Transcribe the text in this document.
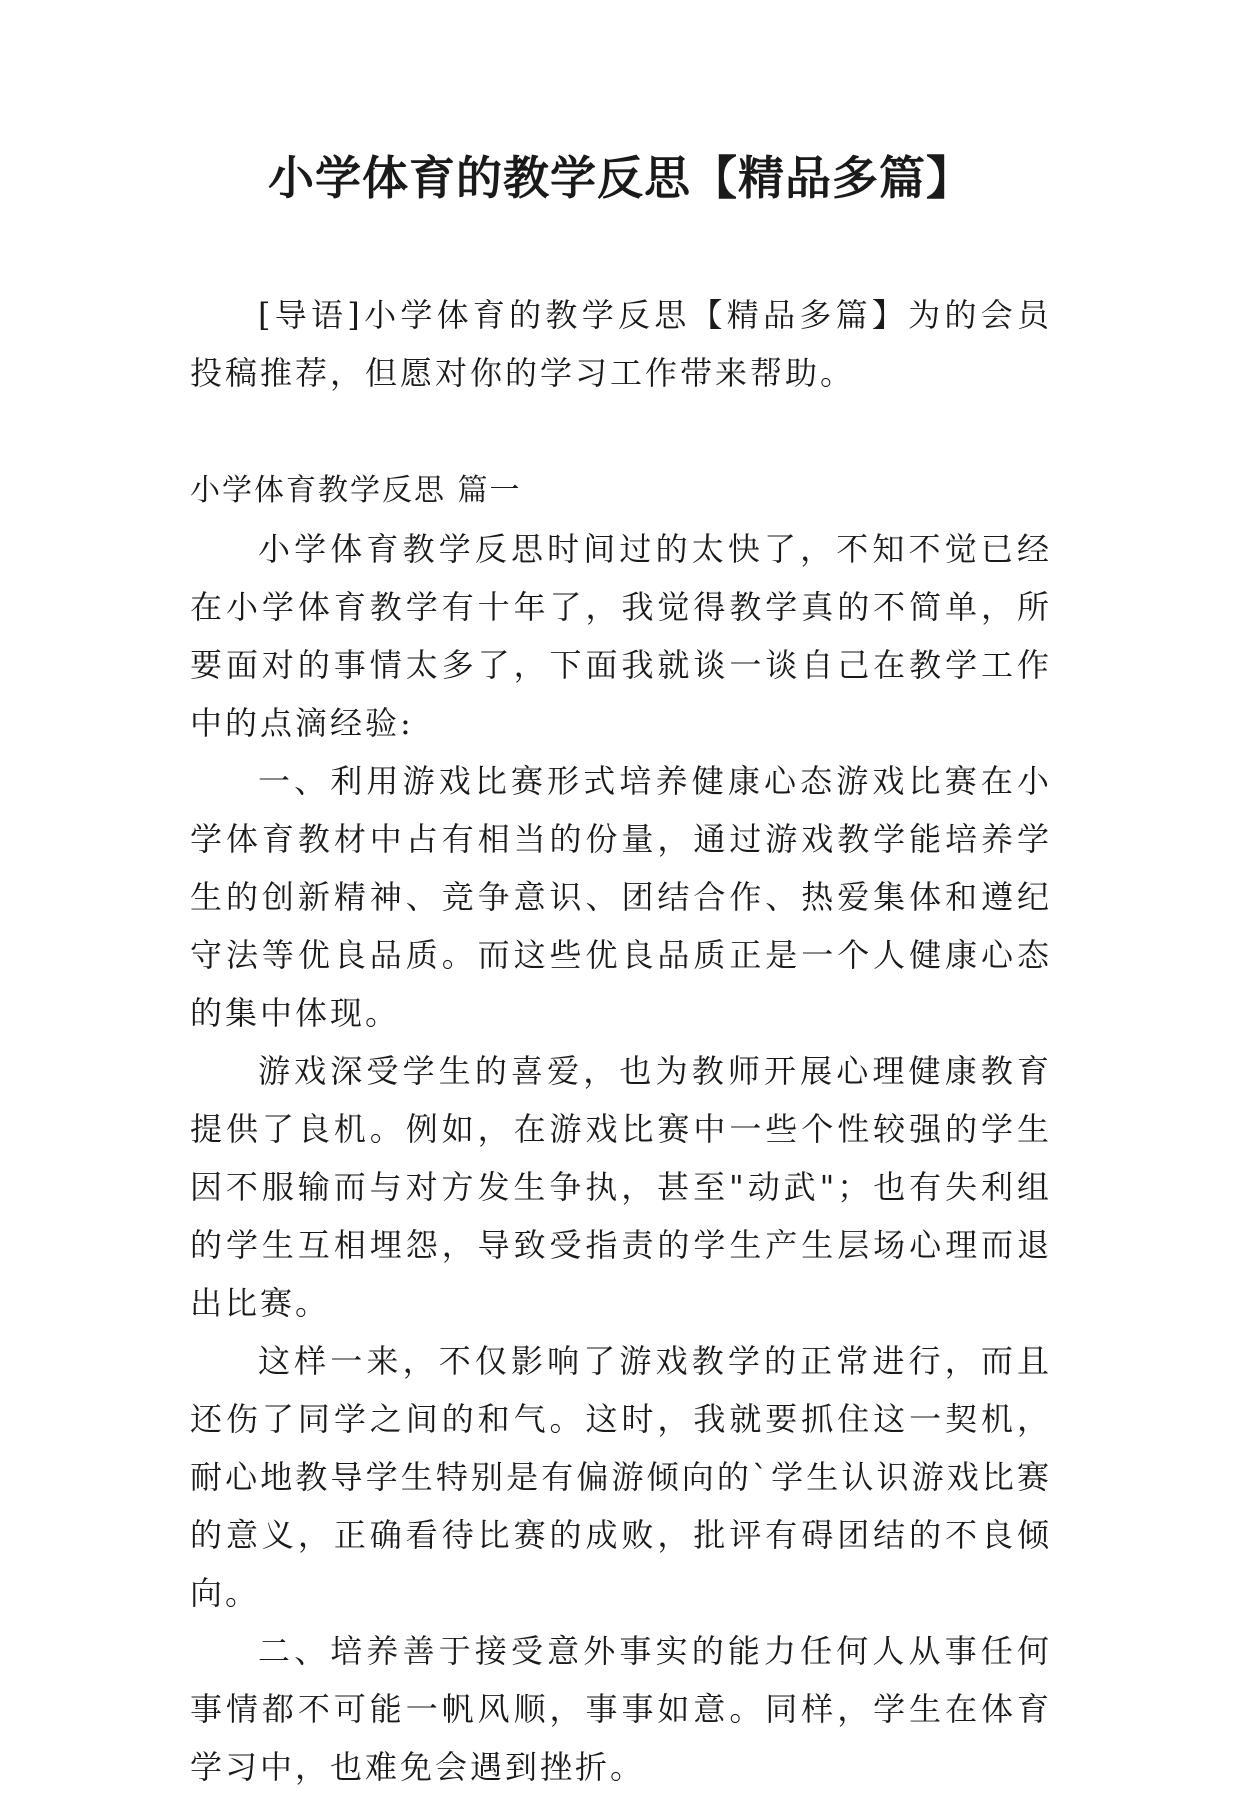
小学体育的教学反思【精品多篇】

[导语]小学体育的教学反思【精品多篇】为的会员投稿推荐，但愿对你的学习工作带来帮助。

小学体育教学反思 篇一

小学体育教学反思时间过的太快了，不知不觉已经在小学体育教学有十年了，我觉得教学真的不简单，所要面对的事情太多了，下面我就谈一谈自己在教学工作中的点滴经验:

一、利用游戏比赛形式培养健康心态游戏比赛在小学体育教材中占有相当的份量，通过游戏教学能培养学生的创新精神、竞争意识、团结合作、热爱集体和遵纪守法等优良品质。而这些优良品质正是一个人健康心态的集中体现。

游戏深受学生的喜爱，也为教师开展心理健康教育提供了良机。例如，在游戏比赛中一些个性较强的学生因不服输而与对方发生争执，甚至"动武"；也有失利组的学生互相埋怨，导致受指责的学生产生层场心理而退出比赛。

这样一来，不仅影响了游戏教学的正常进行，而且还伤了同学之间的和气。这时，我就要抓住这一契机，耐心地教导学生特别是有偏游倾向的`学生认识游戏比赛的意义，正确看待比赛的成败，批评有碍团结的不良倾向。

二、培养善于接受意外事实的能力任何人从事任何事情都不可能一帆风顺，事事如意。同样，学生在体育学习中，也难免会遇到挫折。
